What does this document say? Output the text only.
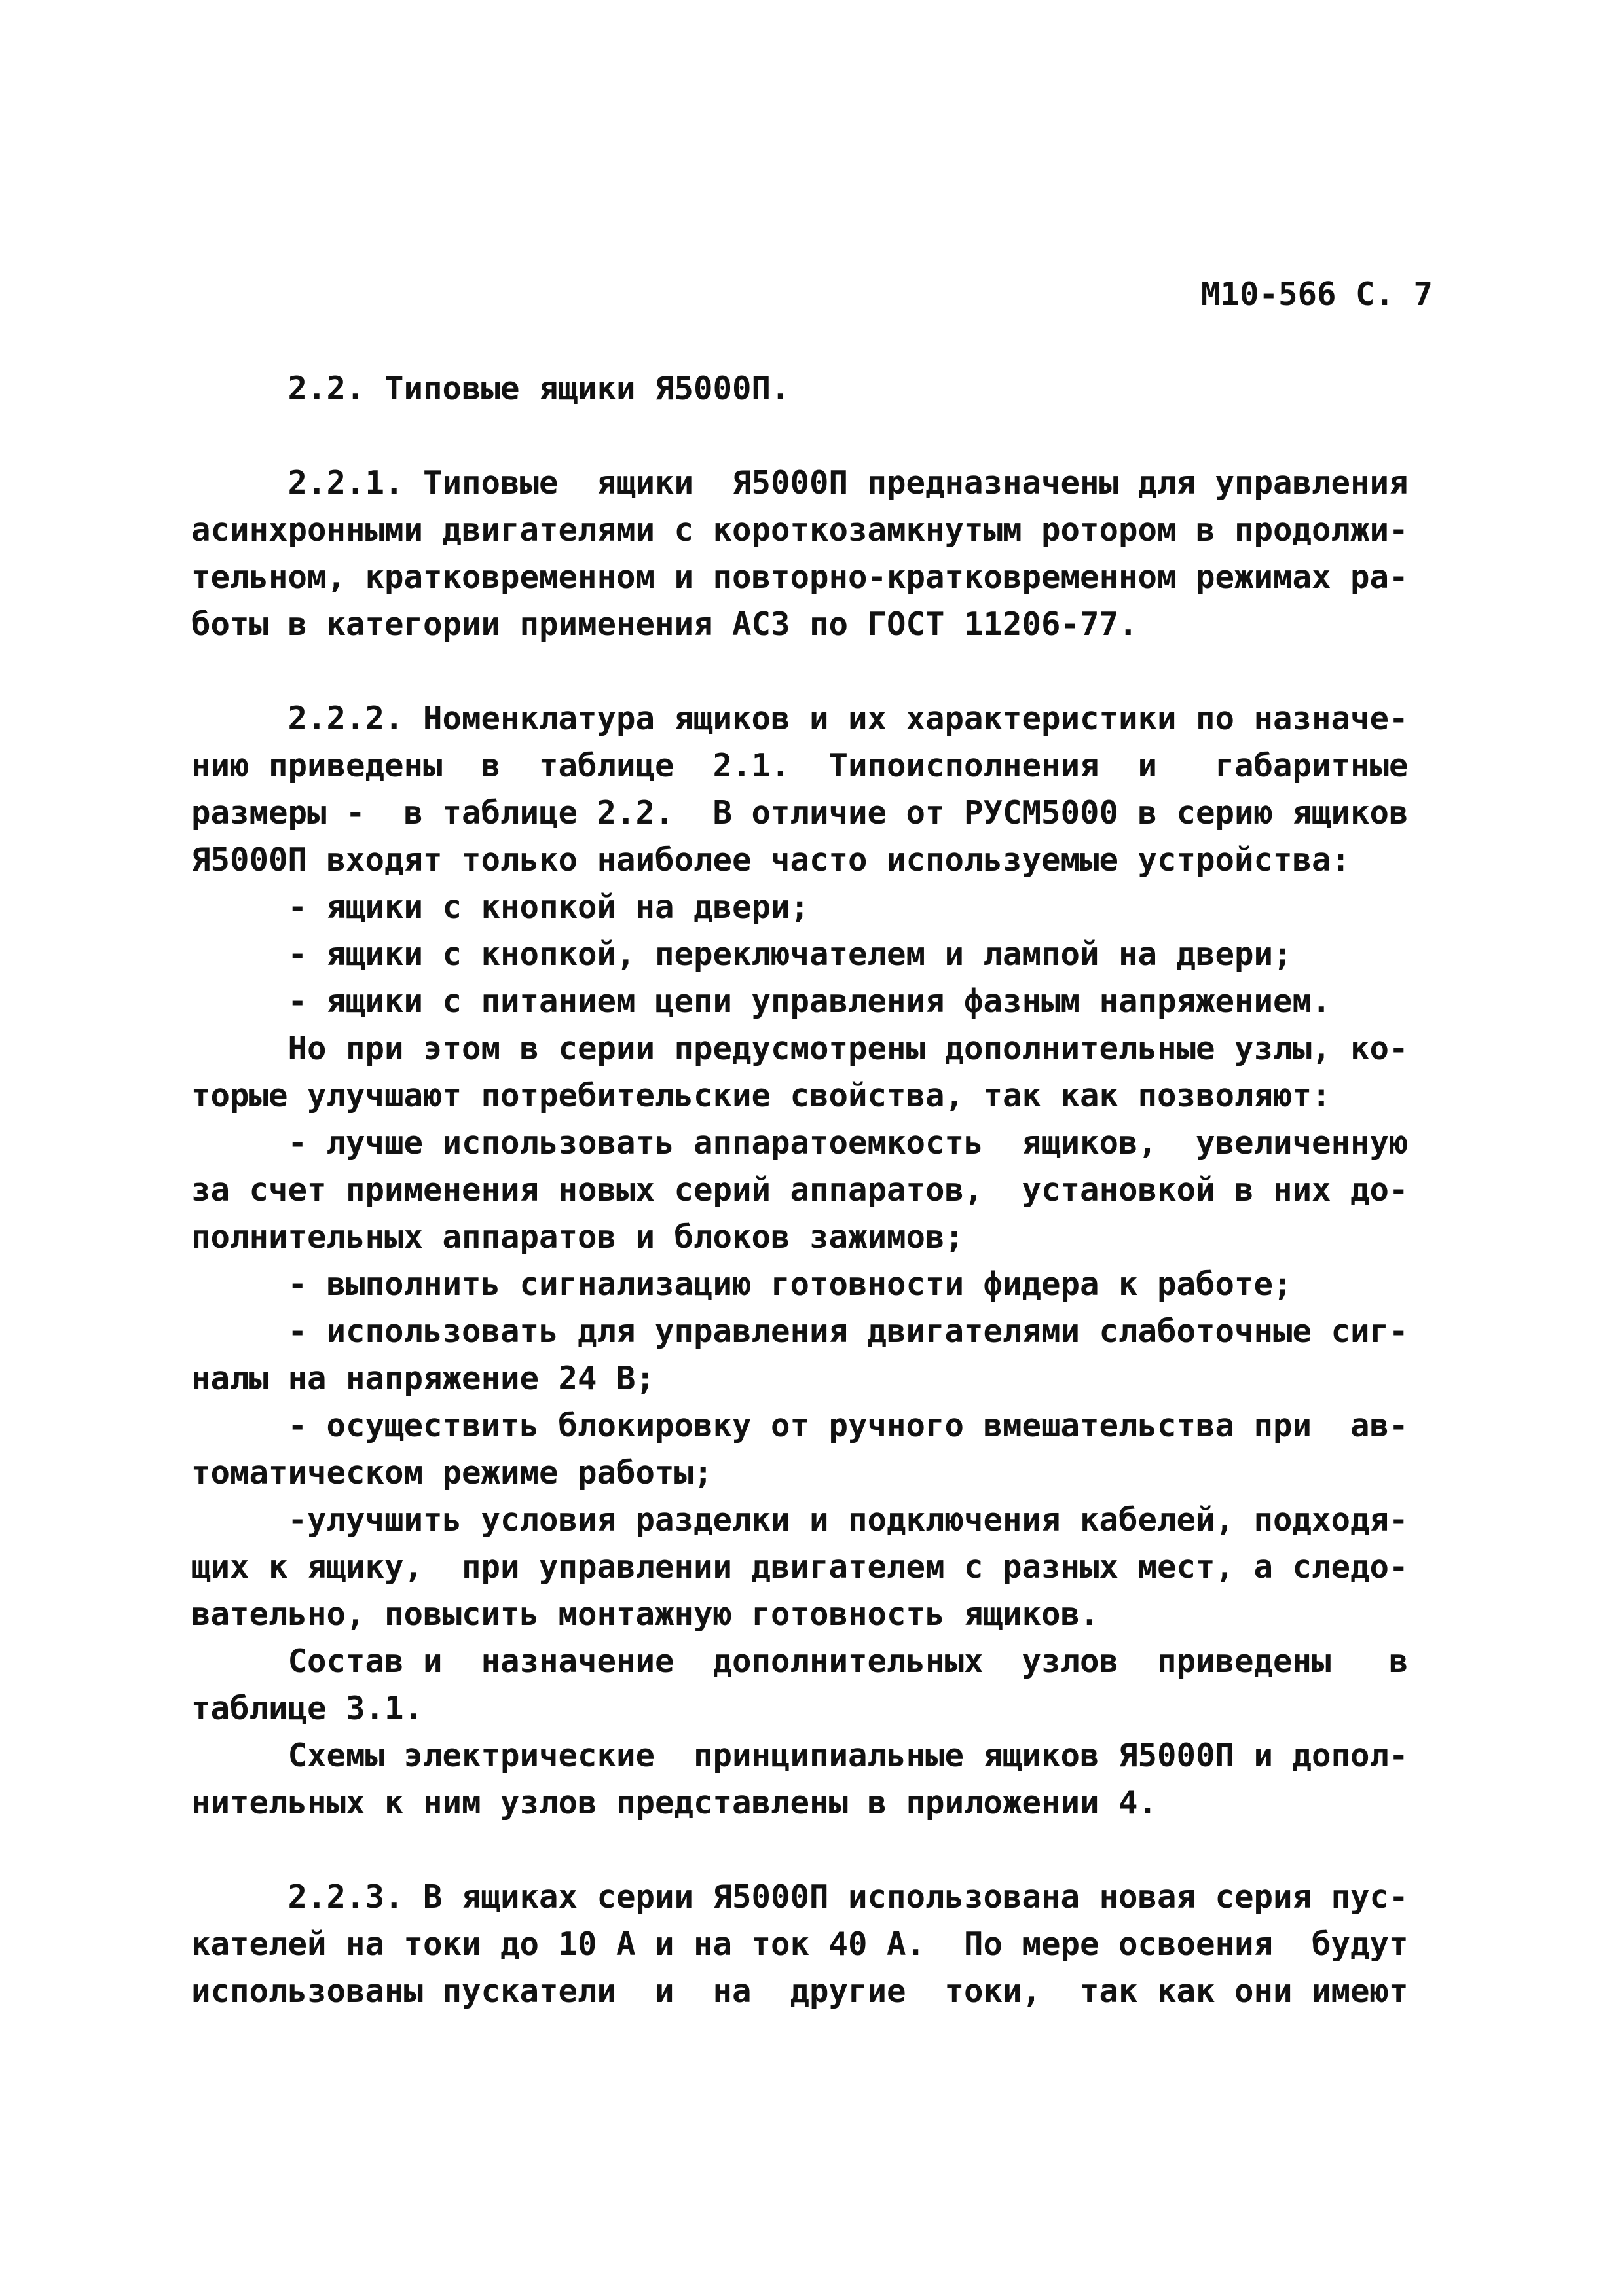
М10-566 С. 7
2.2. Типовые ящики Я5000П.
2.2.1. Типовые  ящики  Я5000П предназначены для управления
асинхронными двигателями с короткозамкнутым ротором в продолжи-
тельном, кратковременном и повторно-кратковременном режимах ра-
боты в категории применения АС3 по ГОСТ 11206-77.
2.2.2. Номенклатура ящиков и их характеристики по назначе-
нию приведены  в  таблице  2.1.  Типоисполнения  и   габаритные
размеры -  в таблице 2.2.  В отличие от РУСМ5000 в серию ящиков
Я5000П входят только наиболее часто используемые устройства:
- ящики с кнопкой на двери;
- ящики с кнопкой, переключателем и лампой на двери;
- ящики с питанием цепи управления фазным напряжением.
Но при этом в серии предусмотрены дополнительные узлы, ко-
торые улучшают потребительские свойства, так как позволяют:
- лучше использовать аппаратоемкость  ящиков,  увеличенную
за счет применения новых серий аппаратов,  установкой в них до-
полнительных аппаратов и блоков зажимов;
- выполнить сигнализацию готовности фидера к работе;
- использовать для управления двигателями слаботочные сиг-
налы на напряжение 24 В;
- осуществить блокировку от ручного вмешательства при  ав-
томатическом режиме работы;
-улучшить условия разделки и подключения кабелей, подходя-
щих к ящику,  при управлении двигателем с разных мест, а следо-
вательно, повысить монтажную готовность ящиков.
Состав и  назначение  дополнительных  узлов  приведены   в
таблице 3.1.
Схемы электрические  принципиальные ящиков Я5000П и допол-
нительных к ним узлов представлены в приложении 4.
2.2.3. В ящиках серии Я5000П использована новая серия пус-
кателей на токи до 10 А и на ток 40 А.  По мере освоения  будут
использованы пускатели  и  на  другие  токи,  так как они имеют
